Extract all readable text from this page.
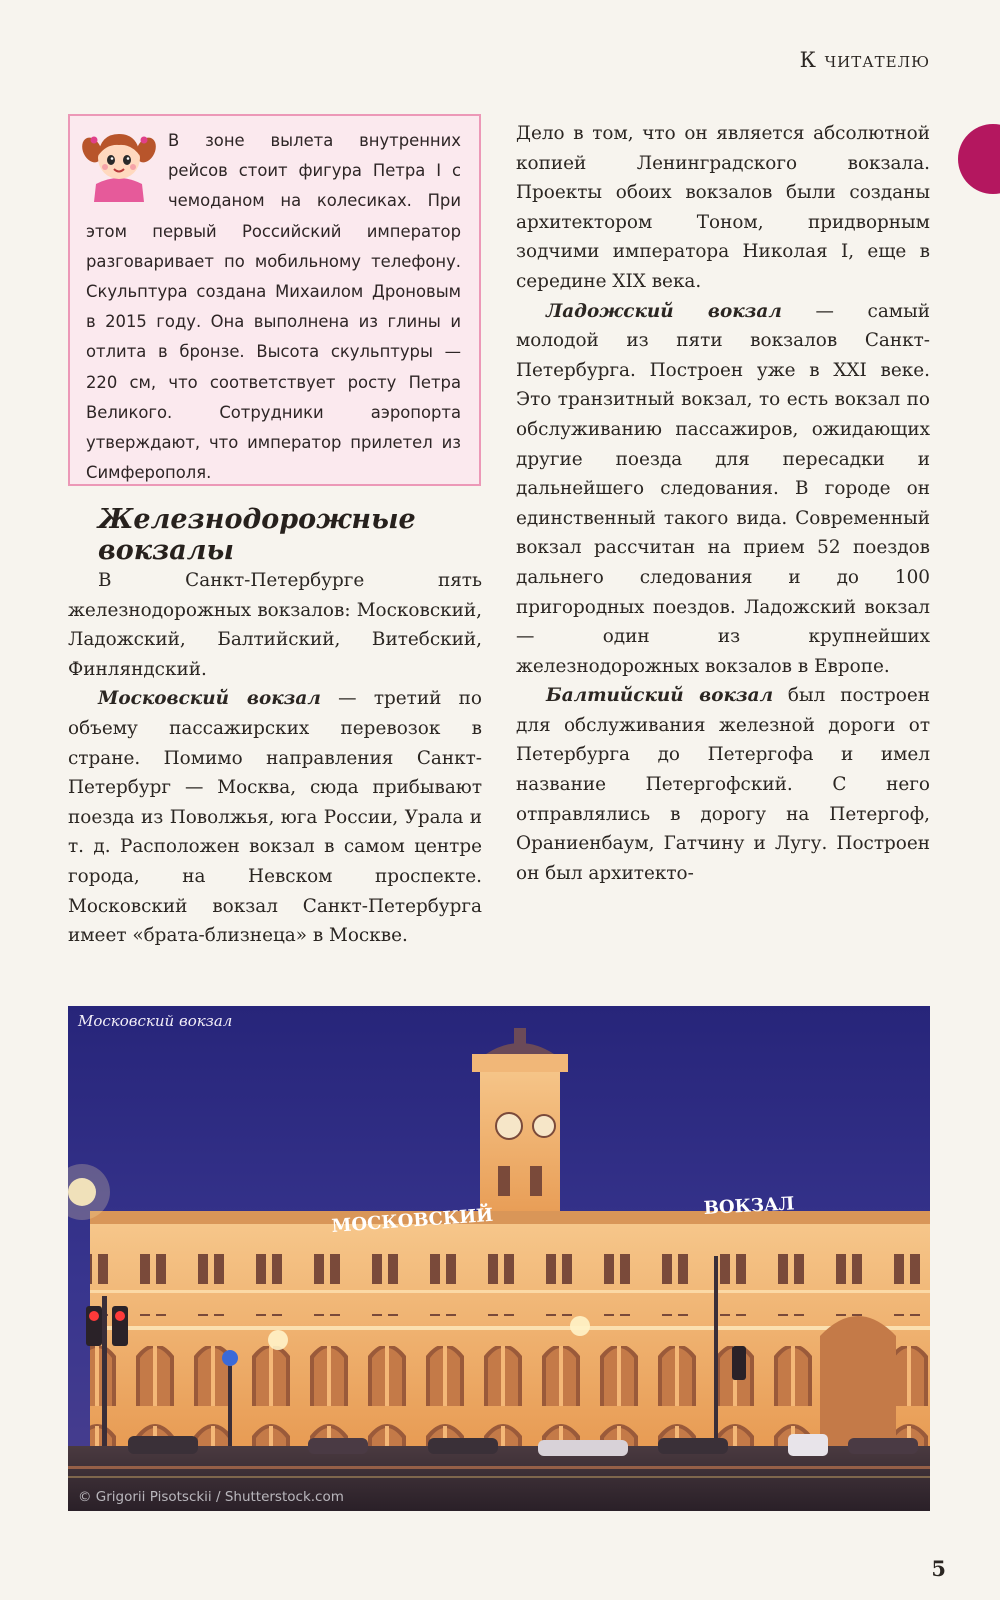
К читателю
В зоне вылета внутренних рейсов стоит фигура Петра I с чемоданом на колесиках. При этом первый Российский император разговаривает по мобильному телефону. Скульптура создана Михаилом Дроновым в 2015 году. Она выполнена из глины и отлита в бронзе. Высота скульптуры — 220 см, что соответствует росту Петра Великого. Сотрудники аэропорта утверждают, что император прилетел из Симферополя.
Железнодорожные вокзалы

В Санкт-Петербурге пять железнодорожных вокзалов: Московский, Ладожский, Балтийский, Витебский, Финляндский.

Московский вокзал — третий по объему пассажирских перевозок в стране. Помимо направления Санкт-Петербург — Москва, сюда прибывают поезда из Поволжья, юга России, Урала и т. д. Расположен вокзал в самом центре города, на Невском проспекте. Московский вокзал Санкт-Петербурга имеет «брата-близнеца» в Москве.

Дело в том, что он является абсолютной копией Ленинградского вокзала. Проекты обоих вокзалов были созданы архитектором Тоном, придворным зодчими императора Николая I, еще в середине XIX века.

Ладожский вокзал — самый молодой из пяти вокзалов Санкт-Петербурга. Построен уже в XXI веке. Это транзитный вокзал, то есть вокзал по обслуживанию пассажиров, ожидающих другие поезда для пересадки и дальнейшего следования. В городе он единственный такого вида. Современный вокзал рассчитан на прием 52 поездов дальнего следования и до 100 пригородных поездов. Ладожский вокзал — один из крупнейших железнодорожных вокзалов в Европе.

Балтийский вокзал был построен для обслуживания железной дороги от Петербурга до Петергофа и имел название Петергофский. С него отправлялись в дорогу на Петергоф, Ораниенбаум, Гатчину и Лугу. Построен он был архитекто-

МОСКОВСКИЙ	ВОКЗАЛ
Московский вокзал
© Grigorii Pisotsckii / Shutterstock.com
5
